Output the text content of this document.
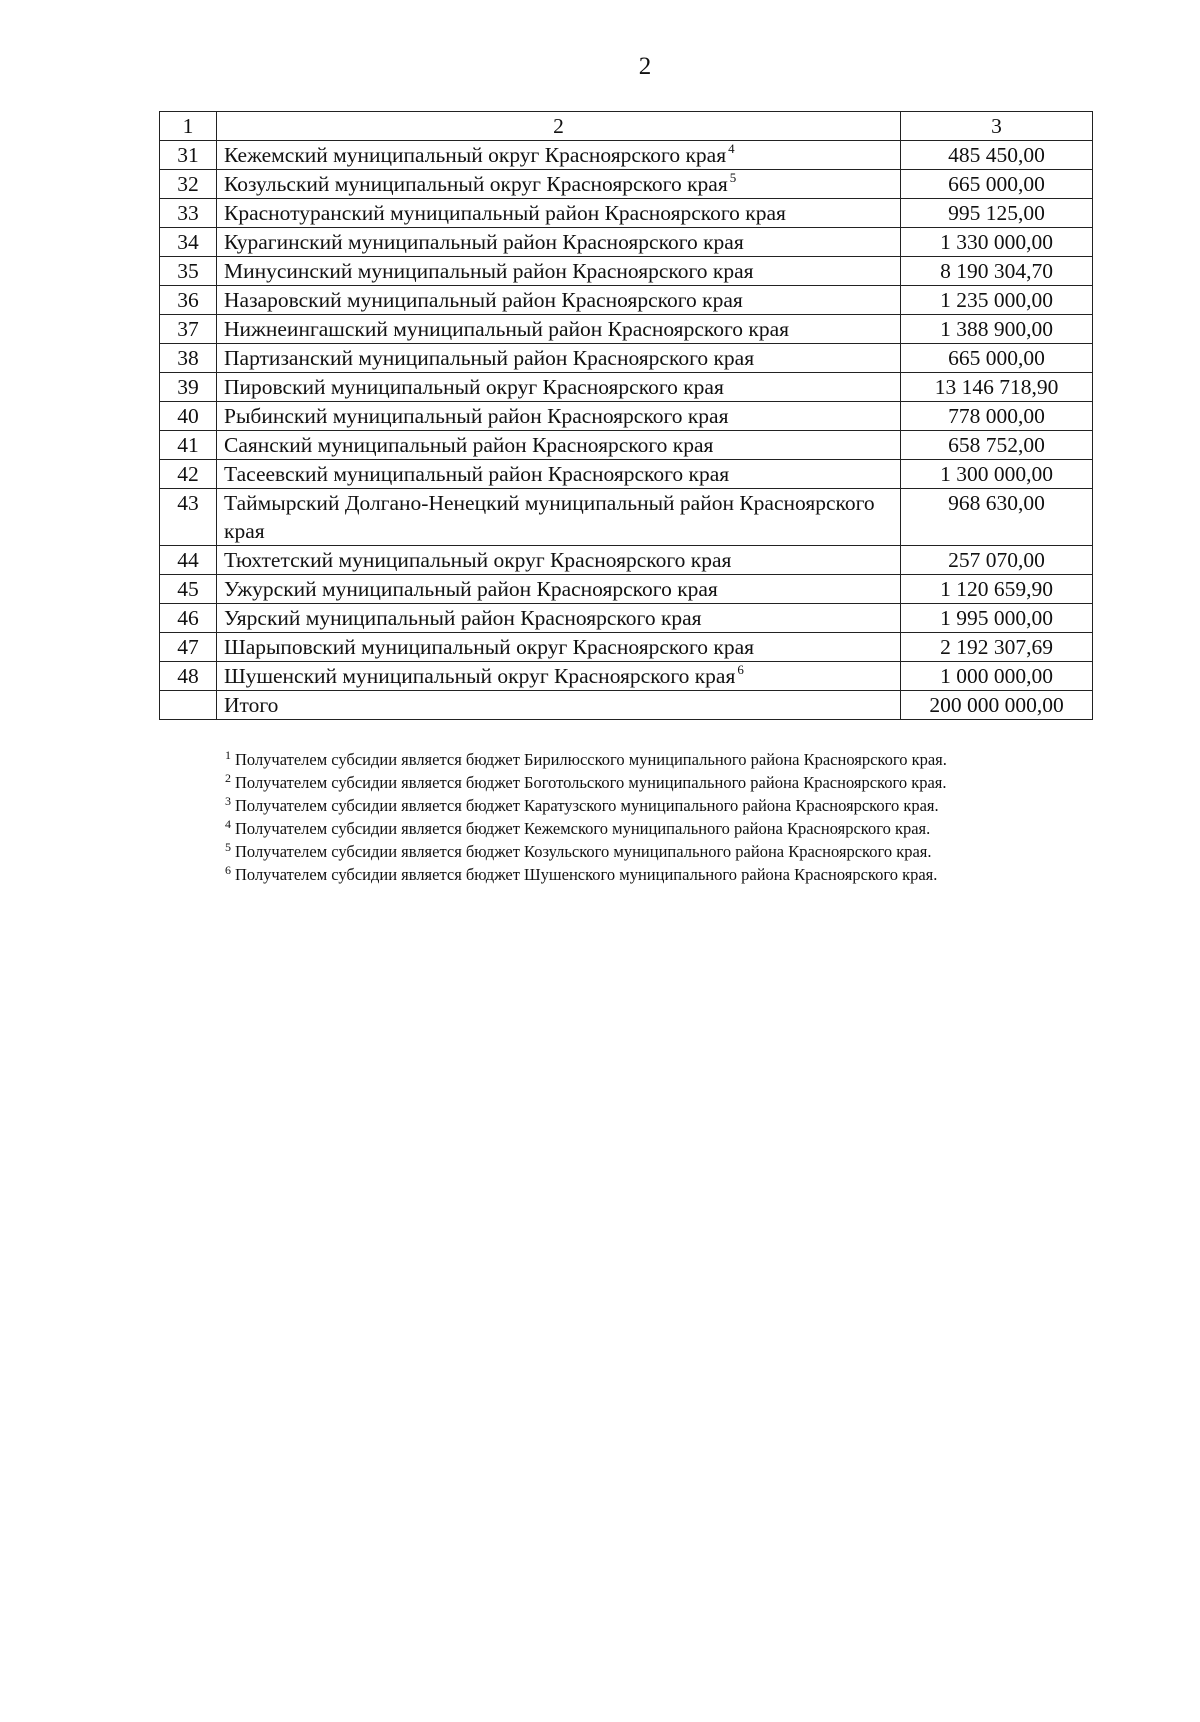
2
1	2	3
31	Кежемский муниципальный округ Красноярского края $^4$	485 450,00
32	Козульский муниципальный округ Красноярского края $^5$	665 000,00
33	Краснотуранский муниципальный район Красноярского края	995 125,00
34	Курагинский муниципальный район Красноярского края	1 330 000,00
35	Минусинский муниципальный район Красноярского края	8 190 304,70
36	Назаровский муниципальный район Красноярского края	1 235 000,00
37	Нижнеингашский муниципальный район Красноярского края	1 388 900,00
38	Партизанский муниципальный район Красноярского края	665 000,00
39	Пировский муниципальный округ Красноярского края	13 146 718,90
40	Рыбинский муниципальный район Красноярского края	778 000,00
41	Саянский муниципальный район Красноярского края	658 752,00
42	Тасеевский муниципальный район Красноярского края	1 300 000,00
43	Таймырский Долгано-Ненецкий муниципальный район Красноярского края	968 630,00
44	Тюхтетский муниципальный округ Красноярского края	257 070,00
45	Ужурский муниципальный район Красноярского края	1 120 659,90
46	Уярский муниципальный район Красноярского края	1 995 000,00
47	Шарыповский муниципальный округ Красноярского края	2 192 307,69
48	Шушенский муниципальный округ Красноярского края $^6$	1 000 000,00
	Итого	200 000 000,00
$^1$ Получателем субсидии является бюджет Бирилюсского муниципального района Красноярского края.
$^2$ Получателем субсидии является бюджет Боготольского муниципального района Красноярского края.
$^3$ Получателем субсидии является бюджет Каратузского муниципального района Красноярского края.
$^4$ Получателем субсидии является бюджет Кежемского муниципального района Красноярского края.
$^5$ Получателем субсидии является бюджет Козульского муниципального района Красноярского края.
$^6$ Получателем субсидии является бюджет Шушенского муниципального района Красноярского края.
